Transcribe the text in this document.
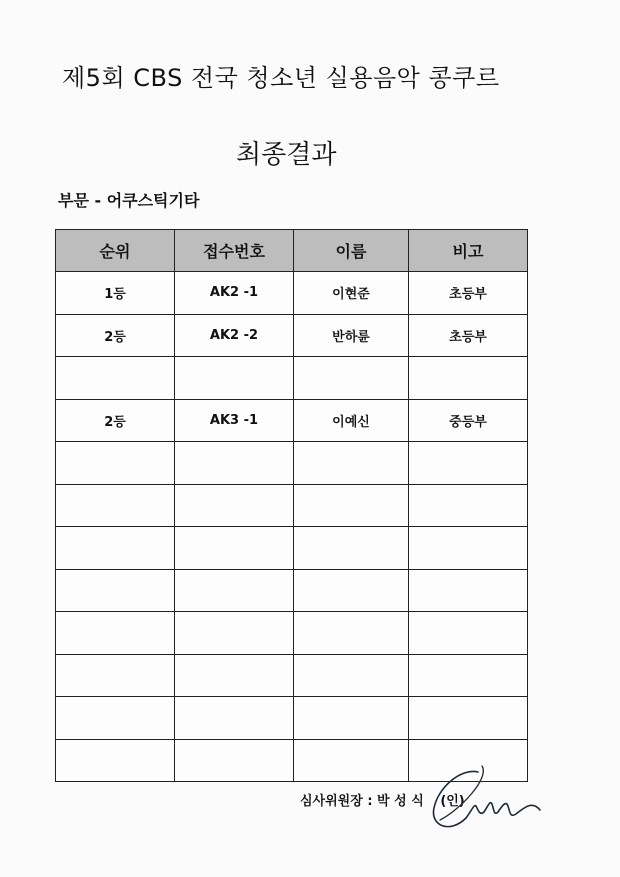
제5회 CBS 전국 청소년 실용음악 콩쿠르
최종결과
부문 - 어쿠스틱기타
순위	접수번호	이름	비고
1등	AK2 -1	이현준	초등부
2등	AK2 -2	반하륜	초등부

2등	AK3 -1	이예신	중등부

심사위원장 : 박 성 식 (인)
